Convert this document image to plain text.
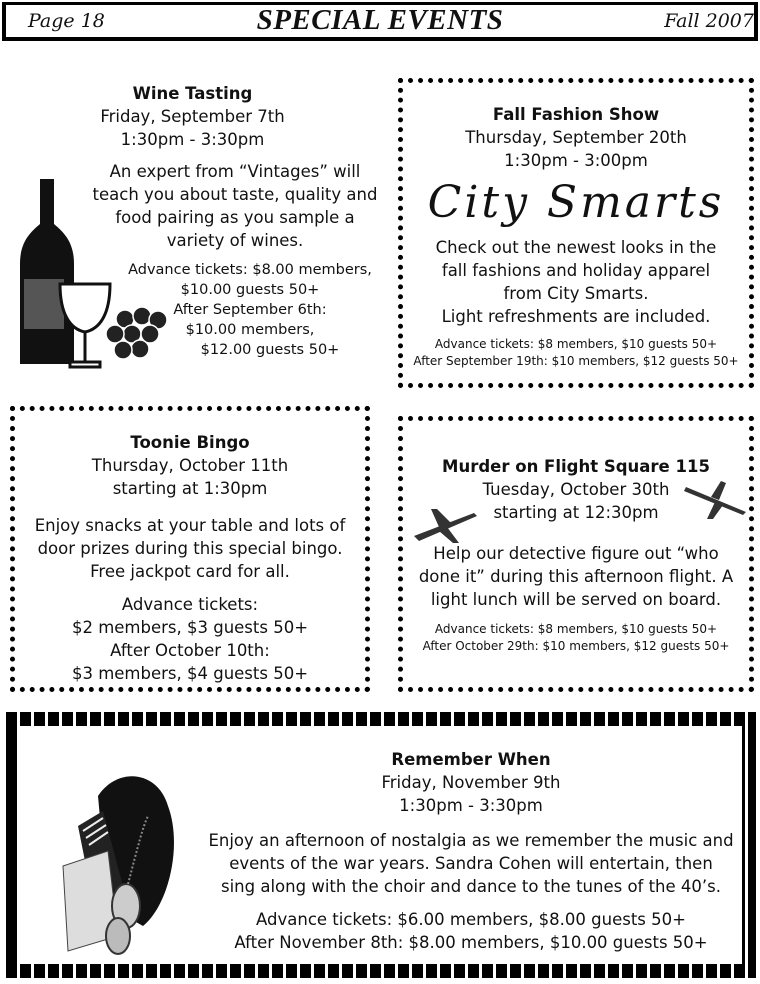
Page 18	SPECIAL EVENTS	Fall 2007
Wine Tasting
Friday, September 7th
1:30pm - 3:30pm
An expert from “Vintages” will
teach you about taste, quality and
food pairing as you sample a
variety of wines.
Advance tickets: $8.00 members,
$10.00 guests 50+
After September 6th:
$10.00 members,
$12.00 guests 50+
Fall Fashion Show
Thursday, September 20th
1:30pm - 3:00pm
City Smarts
Check out the newest looks in the
fall fashions and holiday apparel
from City Smarts.
Light refreshments are included.
Advance tickets: $8 members, $10 guests 50+
After September 19th: $10 members, $12 guests 50+
Toonie Bingo
Thursday, October 11th
starting at 1:30pm
Enjoy snacks at your table and lots of
door prizes during this special bingo.
Free jackpot card for all.
Advance tickets:
$2 members, $3 guests 50+
After October 10th:
$3 members, $4 guests 50+
Murder on Flight Square 115
Tuesday, October 30th
starting at 12:30pm
Help our detective figure out “who
done it” during this afternoon flight. A
light lunch will be served on board.
Advance tickets: $8 members, $10 guests 50+
After October 29th: $10 members, $12 guests 50+
Remember When
Friday, November 9th
1:30pm - 3:30pm
Enjoy an afternoon of nostalgia as we remember the music and
events of the war years. Sandra Cohen will entertain, then
sing along with the choir and dance to the tunes of the 40’s.
Advance tickets: $6.00 members, $8.00 guests 50+
After November 8th: $8.00 members, $10.00 guests 50+
